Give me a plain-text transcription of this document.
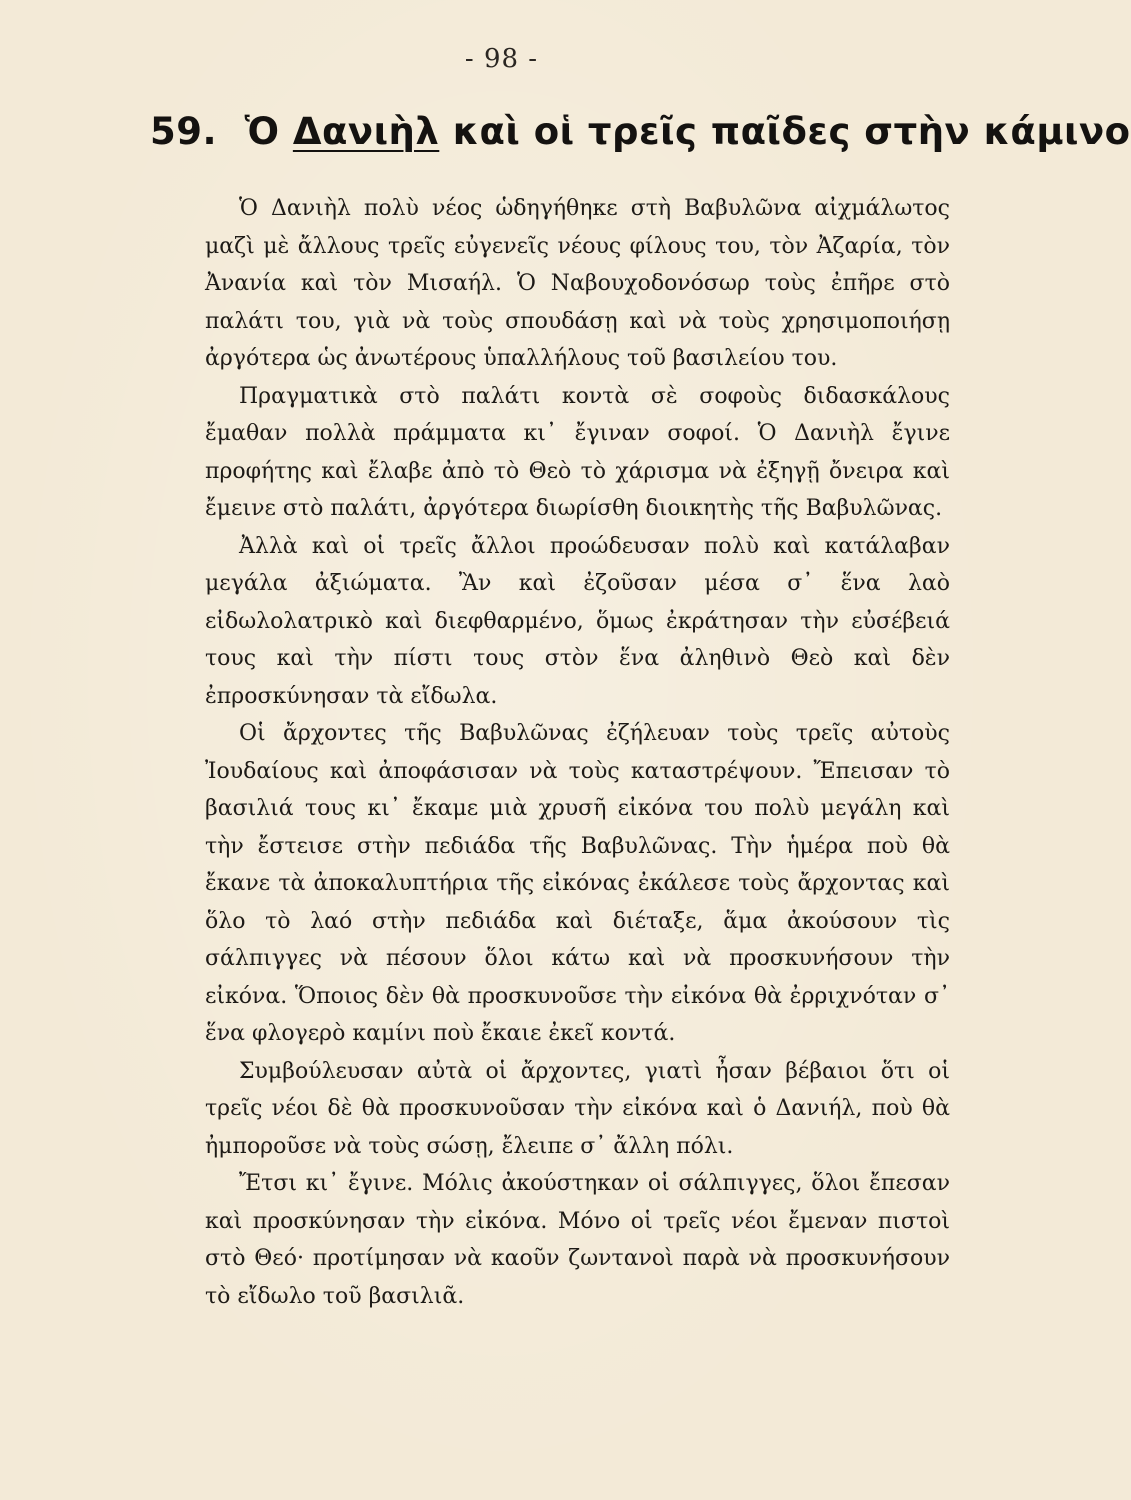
- 98 -
59. Ὁ Δανιὴλ καὶ οἱ τρεῖς παῖδες στὴν κάμινο

Ὁ Δανιὴλ πολὺ νέος ὡδηγήθηκε στὴ Βαβυλῶνα αἰχμάλωτος μαζὶ μὲ ἄλλους τρεῖς εὐγενεῖς νέους φίλους του, τὸν Ἀζαρία, τὸν Ἀνανία καὶ τὸν Μισαήλ. Ὁ Ναβουχοδονόσωρ τοὺς ἐπῆρε στὸ παλάτι του, γιὰ νὰ τοὺς σπουδάσῃ καὶ νὰ τοὺς χρησιμοποιήσῃ ἀργότερα ὡς ἀνωτέρους ὑπαλλήλους τοῦ βασιλείου του.

Πραγματικὰ στὸ παλάτι κοντὰ σὲ σοφοὺς διδασκάλους ἔμαθαν πολλὰ πράμματα κι᾽ ἔγιναν σοφοί. Ὁ Δανιὴλ ἔγινε προφήτης καὶ ἔλαβε ἀπὸ τὸ Θεὸ τὸ χάρισμα νὰ ἐξηγῇ ὄνειρα καὶ ἔμεινε στὸ παλάτι, ἀργότερα διωρίσθη διοικητὴς τῆς Βαβυλῶνας.

Ἀλλὰ καὶ οἱ τρεῖς ἄλλοι προώδευσαν πολὺ καὶ κατάλαβαν μεγάλα ἀξιώματα. Ἂν καὶ ἐζοῦσαν μέσα σ᾽ ἕνα λαὸ εἰδωλολατρικὸ καὶ διεφθαρμένο, ὅμως ἐκράτησαν τὴν εὐσέβειά τους καὶ τὴν πίστι τους στὸν ἕνα ἀληθινὸ Θεὸ καὶ δὲν ἐπροσκύνησαν τὰ εἴδωλα.

Οἱ ἄρχοντες τῆς Βαβυλῶνας ἐζήλευαν τοὺς τρεῖς αὐτοὺς Ἰουδαίους καὶ ἀποφάσισαν νὰ τοὺς καταστρέψουν. Ἔπεισαν τὸ βασιλιά τους κι᾽ ἔκαμε μιὰ χρυσῆ εἰκόνα του πολὺ μεγάλη καὶ τὴν ἔστεισε στὴν πεδιάδα τῆς Βαβυλῶνας. Τὴν ἡμέρα ποὺ θὰ ἔκανε τὰ ἀποκαλυπτήρια τῆς εἰκόνας ἐκάλεσε τοὺς ἄρχοντας καὶ ὅλο τὸ λαό στὴν πεδιάδα καὶ διέταξε, ἅμα ἀκούσουν τὶς σάλπιγγες νὰ πέσουν ὅλοι κάτω καὶ νὰ προσκυνήσουν τὴν εἰκόνα. Ὅποιος δὲν θὰ προσκυνοῦσε τὴν εἰκόνα θὰ ἐρριχνόταν σ᾽ ἕνα φλογερὸ καμίνι ποὺ ἔκαιε ἐκεῖ κοντά.

Συμβούλευσαν αὐτὰ οἱ ἄρχοντες, γιατὶ ἦσαν βέβαιοι ὅτι οἱ τρεῖς νέοι δὲ θὰ προσκυνοῦσαν τὴν εἰκόνα καὶ ὁ Δανιήλ, ποὺ θὰ ἠμποροῦσε νὰ τοὺς σώσῃ, ἔλειπε σ᾽ ἄλλη πόλι.

Ἔτσι κι᾽ ἔγινε. Μόλις ἀκούστηκαν οἱ σάλπιγγες, ὅλοι ἔπεσαν καὶ προσκύνησαν τὴν εἰκόνα. Μόνο οἱ τρεῖς νέοι ἔμεναν πιστοὶ στὸ Θεό· προτίμησαν νὰ καοῦν ζωντανοὶ παρὰ νὰ προσκυνήσουν τὸ εἴδωλο τοῦ βασιλιᾶ.
